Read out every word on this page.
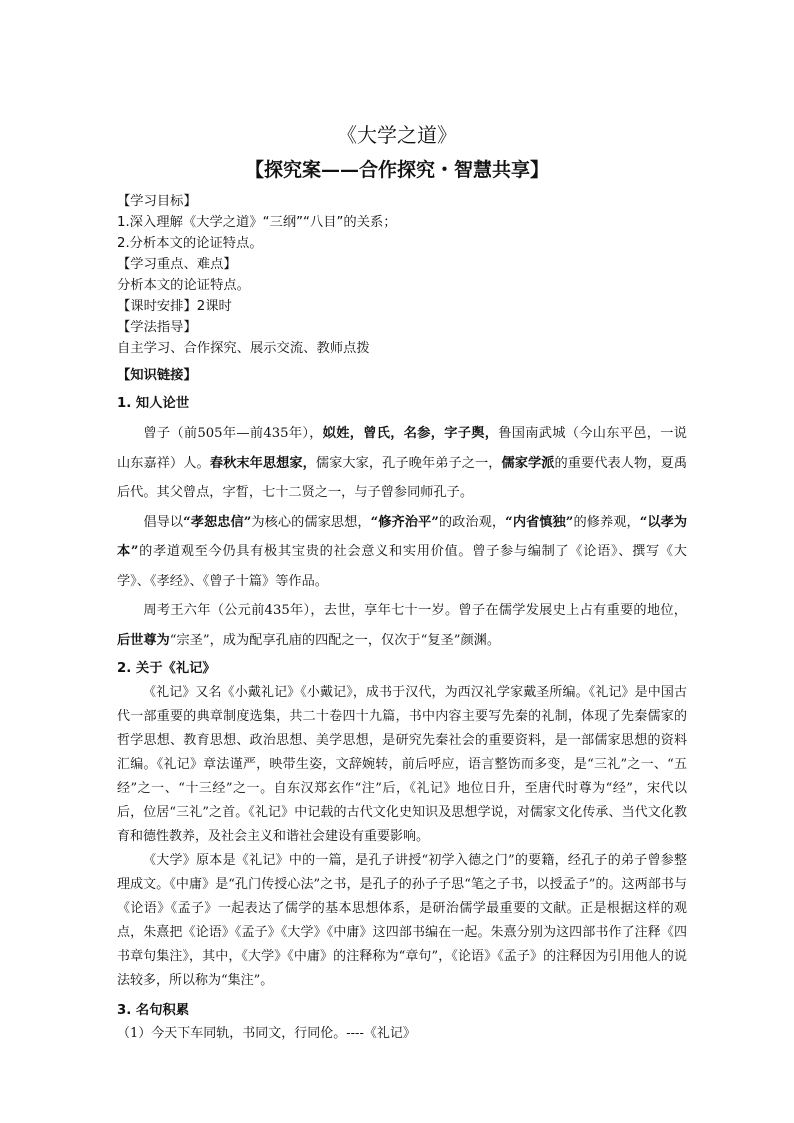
《大学之道》
【探究案——合作探究・智慧共享】
【学习目标】
1.深入理解《大学之道》“三纲”“八目”的关系；
2.分析本文的论证特点。
【学习重点、难点】
分析本文的论证特点。
【课时安排】2课时
【学法指导】
自主学习、合作探究、展示交流、教师点拨
【知识链接】
1. 知人论世

曾子（前505年—前435年），姒姓，曾氏，名参，字子舆，鲁国南武城（今山东平邑，一说山东嘉祥）人。春秋末年思想家，儒家大家，孔子晚年弟子之一，儒家学派的重要代表人物，夏禹后代。其父曾点，字晳，七十二贤之一，与子曾参同师孔子。

倡导以“孝恕忠信”为核心的儒家思想，“修齐治平”的政治观，“内省慎独”的修养观，“以孝为本”的孝道观至今仍具有极其宝贵的社会意义和实用价值。曾子参与编制了《论语》、撰写《大学》、《孝经》、《曾子十篇》等作品。

周考王六年（公元前435年），去世，享年七十一岁。曾子在儒学发展史上占有重要的地位，后世尊为“宗圣”，成为配享孔庙的四配之一，仅次于“复圣”颜渊。

2. 关于《礼记》

《礼记》又名《小戴礼记》《小戴记》，成书于汉代，为西汉礼学家戴圣所编。《礼记》是中国古代一部重要的典章制度选集，共二十卷四十九篇，书中内容主要写先秦的礼制，体现了先秦儒家的哲学思想、教育思想、政治思想、美学思想，是研究先秦社会的重要资料，是一部儒家思想的资料汇编。《礼记》章法谨严，映带生姿，文辞婉转，前后呼应，语言整饬而多变，是“三礼”之一、“五经”之一、“十三经”之一。自东汉郑玄作“注”后，《礼记》地位日升，至唐代时尊为“经”，宋代以后，位居“三礼”之首。《礼记》中记载的古代文化史知识及思想学说，对儒家文化传承、当代文化教育和德性教养，及社会主义和谐社会建设有重要影响。

《大学》原本是《礼记》中的一篇，是孔子讲授“初学入德之门”的要籍，经孔子的弟子曾参整理成文。《中庸》是“孔门传授心法”之书，是孔子的孙子子思“笔之子书，以授孟子”的。这两部书与《论语》《孟子》一起表达了儒学的基本思想体系，是研治儒学最重要的文献。正是根据这样的观点，朱熹把《论语》《孟子》《大学》《中庸》这四部书编在一起。朱熹分别为这四部书作了注释《四书章句集注》，其中，《大学》《中庸》的注释称为“章句”，《论语》《孟子》的注释因为引用他人的说法较多，所以称为“集注”。

3. 名句积累
（1）今天下车同轨，书同文，行同伦。----《礼记》
